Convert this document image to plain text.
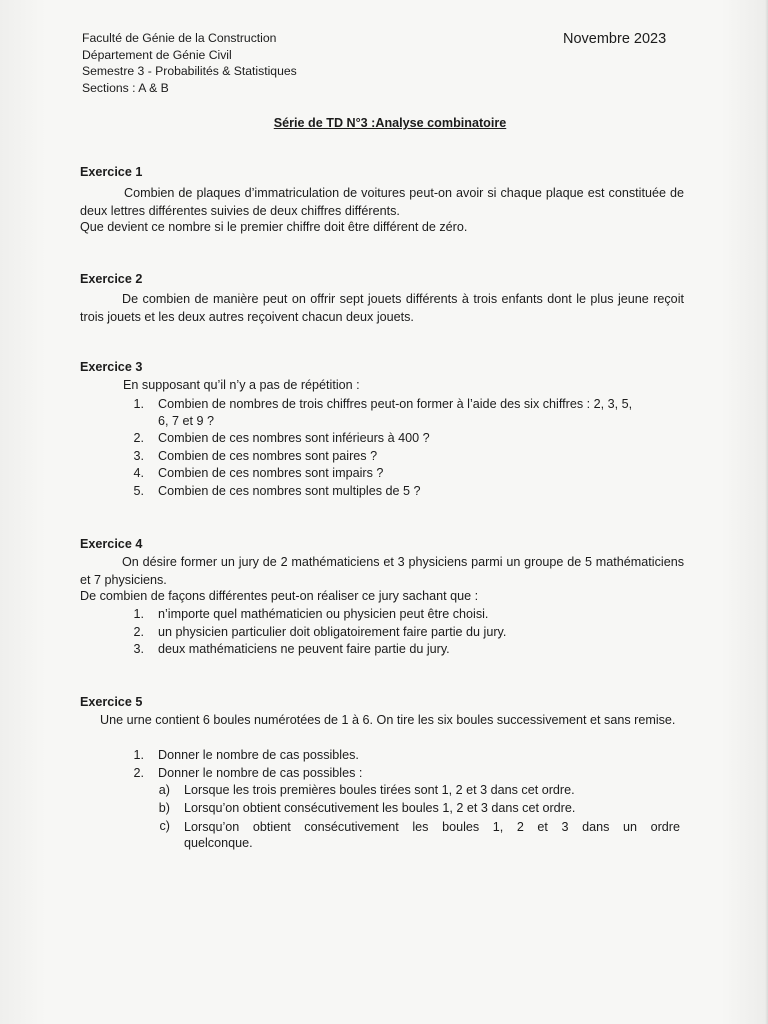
Faculté de Génie de la Construction
Département de Génie Civil
Semestre 3 - Probabilités & Statistiques
Sections : A & B
Novembre 2023
Série de TD N°3 :Analyse combinatoire
Exercice 1
Combien de plaques d’immatriculation de voitures peut-on avoir si chaque plaque est constituée de deux lettres différentes suivies de deux chiffres différents.
Que devient ce nombre si le premier chiffre doit être différent de zéro.
Exercice 2
De combien de manière peut on offrir sept jouets différents à trois enfants dont le plus jeune reçoit trois jouets et les deux autres reçoivent chacun deux jouets.
Exercice 3
En supposant qu’il n’y a pas de répétition :
1. Combien de nombres de trois chiffres peut-on former à l’aide des six chiffres : 2, 3, 5,
6, 7 et 9 ?
2. Combien de ces nombres sont inférieurs à 400 ?
3. Combien de ces nombres sont paires ?
4. Combien de ces nombres sont impairs ?
5. Combien de ces nombres sont multiples de 5 ?
Exercice 4
On désire former un jury de 2 mathématiciens et 3 physiciens parmi un groupe de 5 mathématiciens et 7 physiciens.
De combien de façons différentes peut-on réaliser ce jury sachant que :
1. n’importe quel mathématicien ou physicien peut être choisi.
2. un physicien particulier doit obligatoirement faire partie du jury.
3. deux mathématiciens ne peuvent faire partie du jury.
Exercice 5
Une urne contient 6 boules numérotées de 1 à 6. On tire les six boules successivement et sans remise.
1. Donner le nombre de cas possibles.
2. Donner le nombre de cas possibles :
a) Lorsque les trois premières boules tirées sont 1, 2 et 3 dans cet ordre.
b) Lorsqu’on obtient consécutivement les boules 1, 2 et 3 dans cet ordre.
c) Lorsqu’on obtient consécutivement les boules 1, 2 et 3 dans un ordre
quelconque.
